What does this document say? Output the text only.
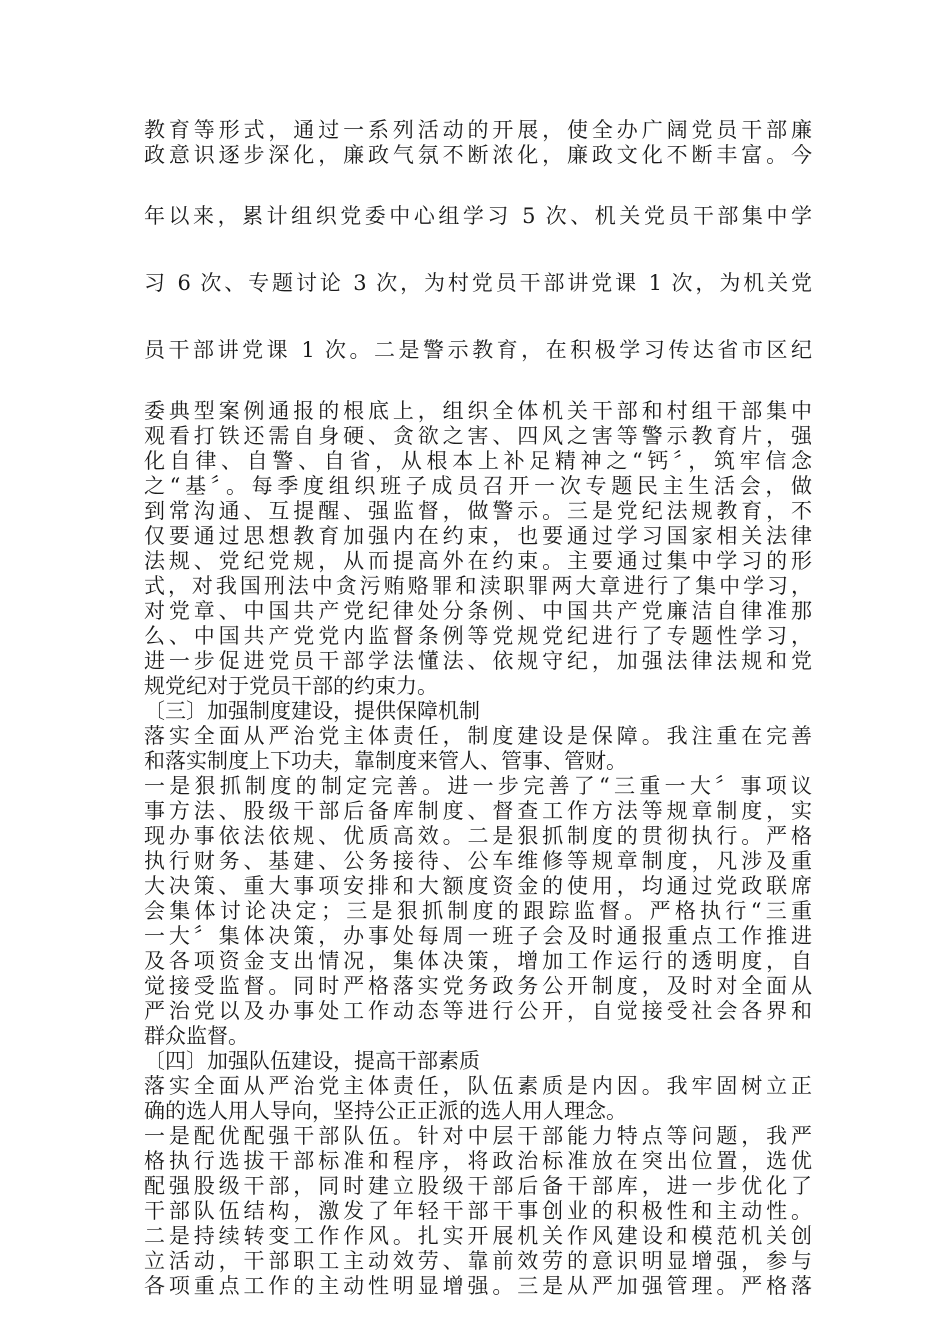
教育等形式，通过一系列活动的开展，使全办广阔党员干部廉
政意识逐步深化，廉政气氛不断浓化，廉政文化不断丰富。今
年以来，累计组织党委中心组学习 5 次、机关党员干部集中学
习 6 次、专题讨论 3 次，为村党员干部讲党课 1 次，为机关党
员干部讲党课 1 次。二是警示教育，在积极学习传达省市区纪
委典型案例通报的根底上，组织全体机关干部和村组干部集中
观看打铁还需自身硬、贪欲之害、四风之害等警示教育片，强
化自律、自警、自省，从根本上补足精神之“钙〞，筑牢信念
之“基〞。每季度组织班子成员召开一次专题民主生活会，做
到常沟通、互提醒、强监督，做警示。三是党纪法规教育，不
仅要通过思想教育加强内在约束，也要通过学习国家相关法律
法规、党纪党规，从而提高外在约束。主要通过集中学习的形
式，对我国刑法中贪污贿赂罪和渎职罪两大章进行了集中学习，
对党章、中国共产党纪律处分条例、中国共产党廉洁自律准那
么、中国共产党党内监督条例等党规党纪进行了专题性学习，
进一步促进党员干部学法懂法、依规守纪，加强法律法规和党
规党纪对于党员干部的约束力。
〔三〕加强制度建设，提供保障机制
落实全面从严治党主体责任，制度建设是保障。我注重在完善
和落实制度上下功夫，靠制度来管人、管事、管财。
一是狠抓制度的制定完善。进一步完善了“三重一大〞事项议
事方法、股级干部后备库制度、督查工作方法等规章制度，实
现办事依法依规、优质高效。二是狠抓制度的贯彻执行。严格
执行财务、基建、公务接待、公车维修等规章制度，凡涉及重
大决策、重大事项安排和大额度资金的使用，均通过党政联席
会集体讨论决定；三是狠抓制度的跟踪监督。严格执行“三重
一大〞集体决策，办事处每周一班子会及时通报重点工作推进
及各项资金支出情况，集体决策，增加工作运行的透明度，自
觉接受监督。同时严格落实党务政务公开制度，及时对全面从
严治党以及办事处工作动态等进行公开，自觉接受社会各界和
群众监督。
〔四〕加强队伍建设，提高干部素质
落实全面从严治党主体责任，队伍素质是内因。我牢固树立正
确的选人用人导向，坚持公正正派的选人用人理念。
一是配优配强干部队伍。针对中层干部能力特点等问题，我严
格执行选拔干部标准和程序，将政治标准放在突出位置，选优
配强股级干部，同时建立股级干部后备干部库，进一步优化了
干部队伍结构，激发了年轻干部干事创业的积极性和主动性。
二是持续转变工作作风。扎实开展机关作风建设和模范机关创
立活动，干部职工主动效劳、靠前效劳的意识明显增强，参与
各项重点工作的主动性明显增强。三是从严加强管理。严格落
